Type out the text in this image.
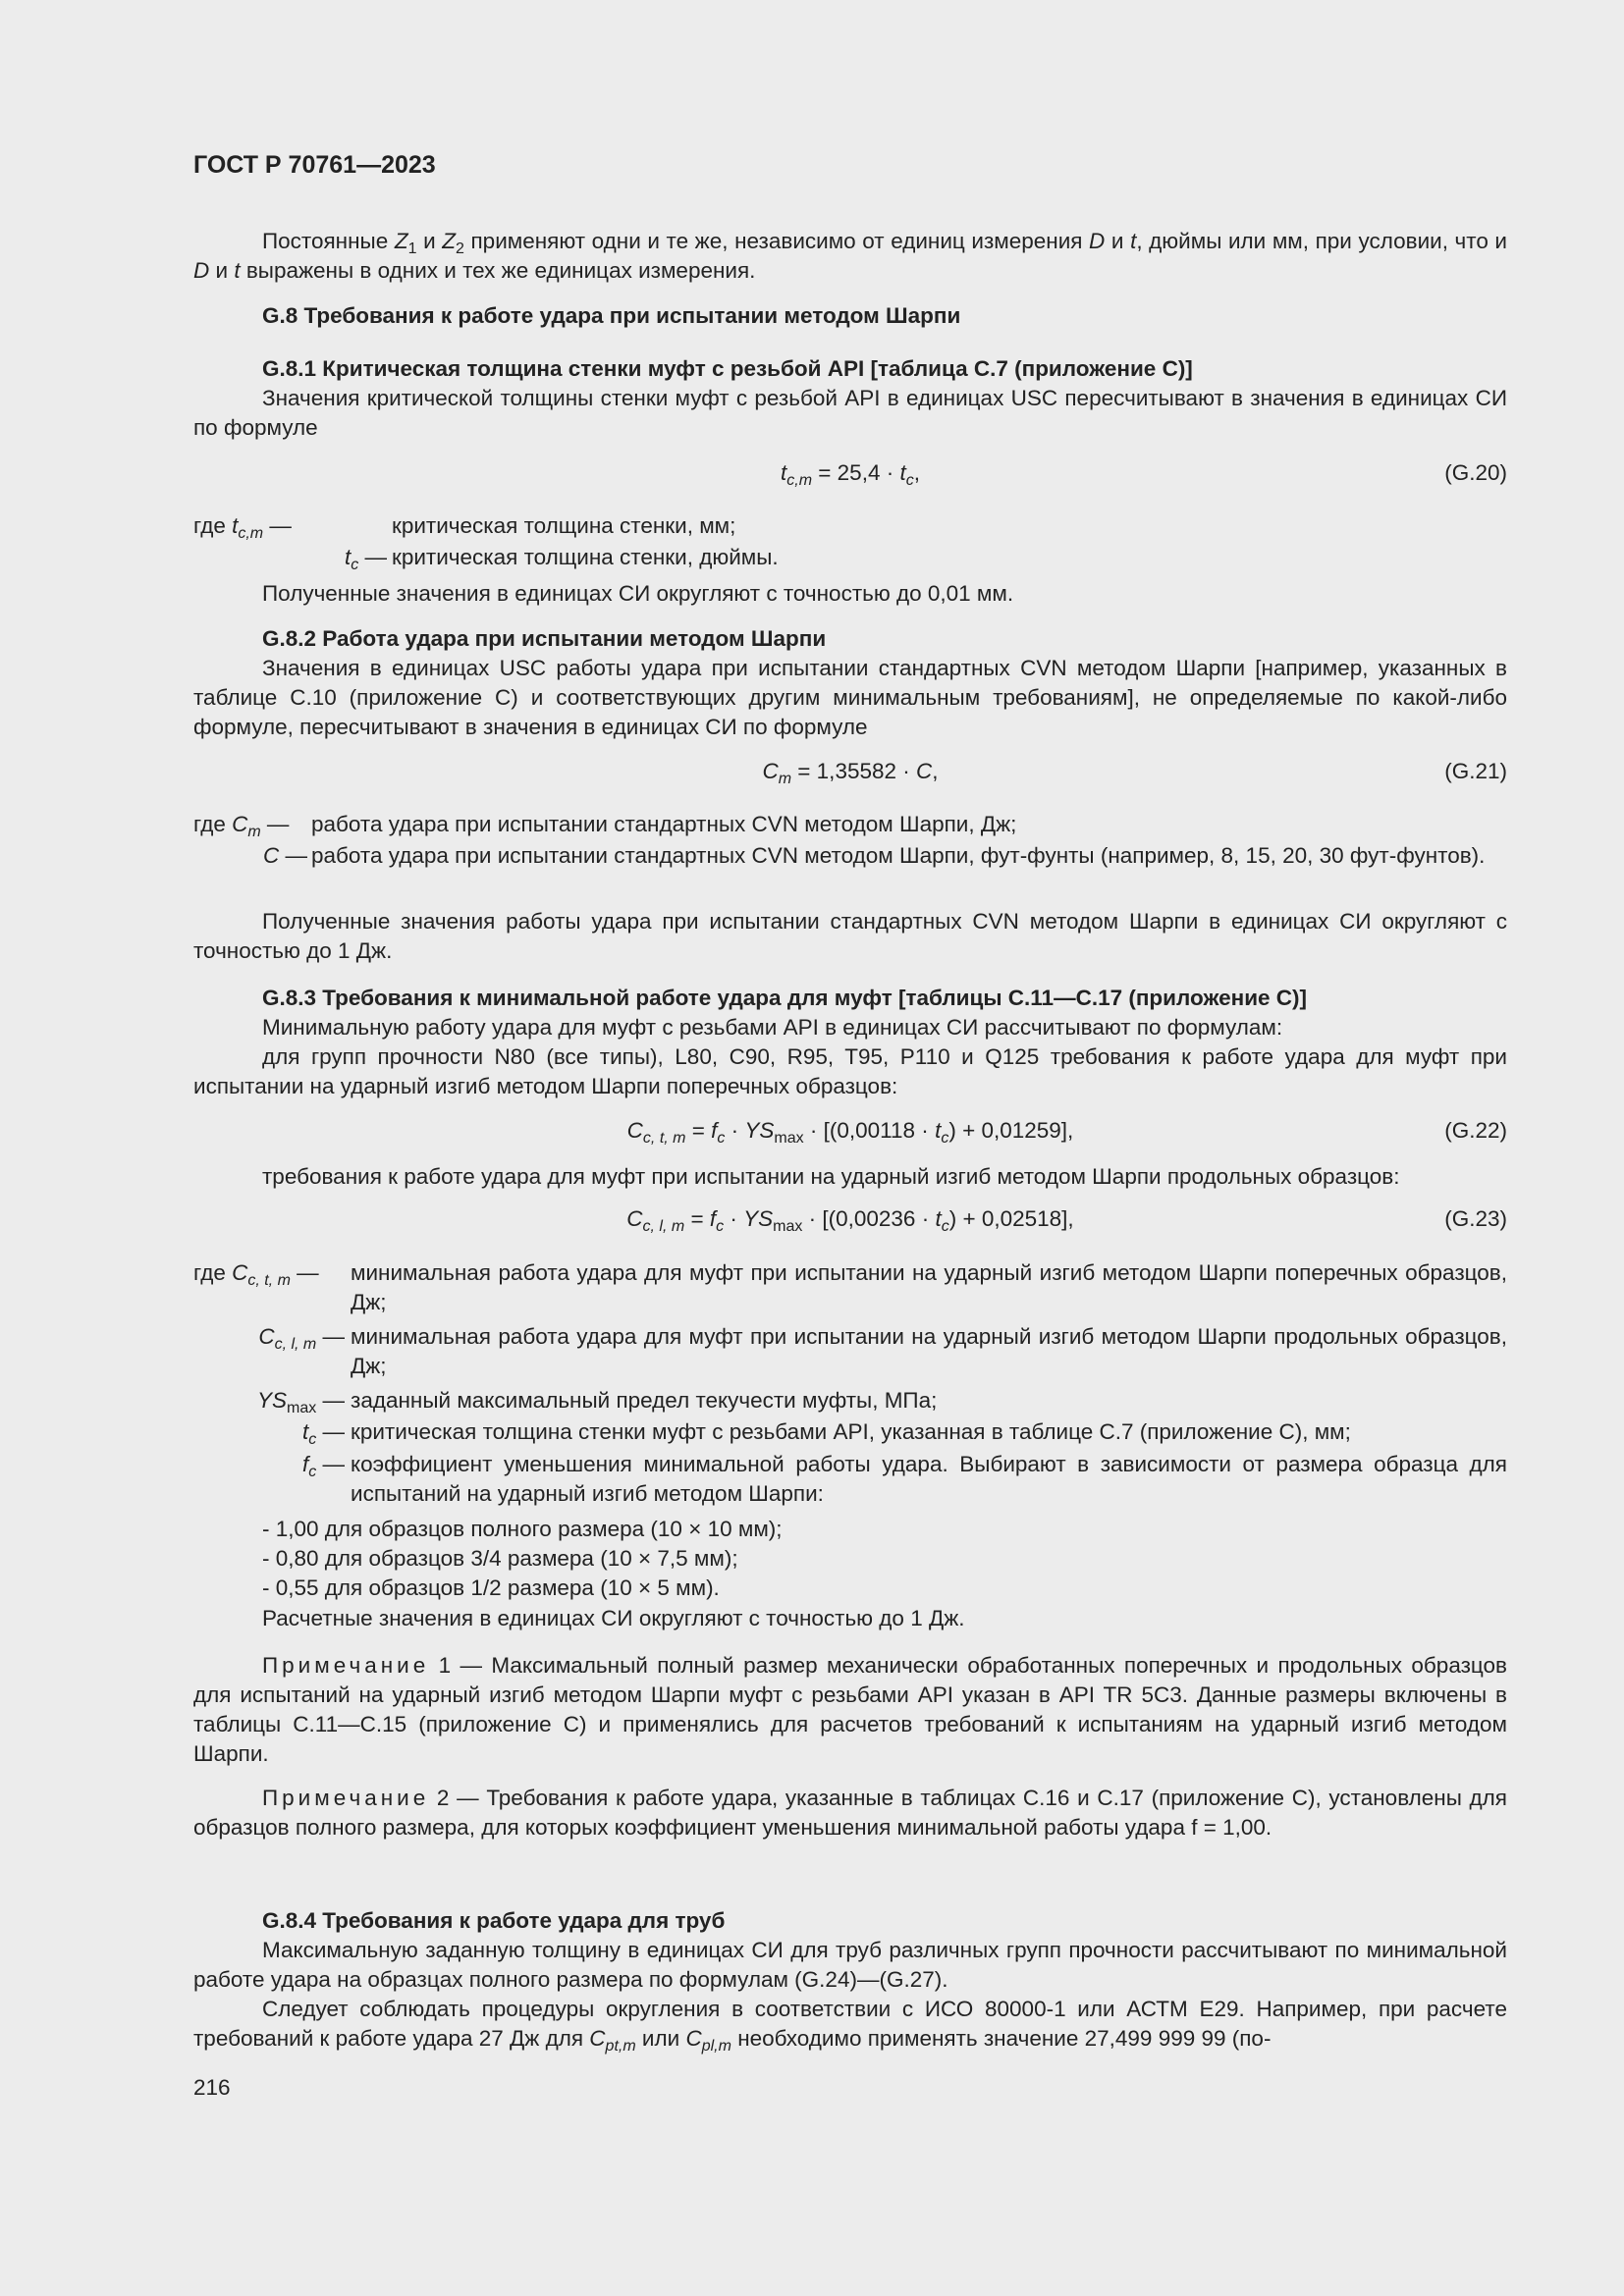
ГОСТ Р 70761—2023

Постоянные $Z_1$ и $Z_2$ применяют одни и те же, независимо от единиц измерения D и t, дюймы или мм, при условии, что и D и t выражены в одних и тех же единицах измерения.

G.8 Требования к работе удара при испытании методом Шарпи

G.8.1 Критическая толщина стенки муфт с резьбой API [таблица С.7 (приложение С)]

Значения критической толщины стенки муфт с резьбой API в единицах USC пересчитывают в значения в единицах СИ по формуле

$t_{c,m} = 25,4 \cdot t_c$,	(G.20)
где $t_{c,m}$ —	критическая толщина стенки, мм;
$t_c$ — критическая толщина стенки, дюймы.

Полученные значения в единицах СИ округляют с точностью до 0,01 мм.

G.8.2 Работа удара при испытании методом Шарпи

Значения в единицах USC работы удара при испытании стандартных CVN методом Шарпи [например, указанных в таблице С.10 (приложение С) и соответствующих другим минимальным требованиям], не определяемые по какой-либо формуле, пересчитывают в значения в единицах СИ по формуле

$C_m = 1,35582 \cdot C$,	(G.21)
где $C_m$ —	работа удара при испытании стандартных CVN методом Шарпи, Дж;
C — работа удара при испытании стандартных CVN методом Шарпи, фут-фунты (например, 8, 15, 20, 30 фут-фунтов).

Полученные значения работы удара при испытании стандартных CVN методом Шарпи в единицах СИ округляют с точностью до 1 Дж.

G.8.3 Требования к минимальной работе удара для муфт [таблицы С.11—С.17 (приложение С)]

Минимальную работу удара для муфт с резьбами API в единицах СИ рассчитывают по формулам:

для групп прочности N80 (все типы), L80, C90, R95, T95, P110 и Q125 требования к работе удара для муфт при испытании на ударный изгиб методом Шарпи поперечных образцов:

$C_{c, t, m} = f_c \cdot YS_{max} \cdot [(0,00118 \cdot t_c) + 0,01259]$,	(G.22)

требования к работе удара для муфт при испытании на ударный изгиб методом Шарпи продольных образцов:

$C_{c, l, m} = f_c \cdot YS_{max} \cdot [(0,00236 \cdot t_c) + 0,02518]$,	(G.23)
где $C_{c, t, m}$ —	минимальная работа удара для муфт при испытании на ударный изгиб методом Шарпи поперечных образцов, Дж;
$C_{c, l, m}$ — минимальная работа удара для муфт при испытании на ударный изгиб методом Шарпи продольных образцов, Дж;
$YS_{max}$ — заданный максимальный предел текучести муфты, МПа;
$t_c$ — критическая толщина стенки муфт с резьбами API, указанная в таблице С.7 (приложение С), мм;
$f_c$ — коэффициент уменьшения минимальной работы удара. Выбирают в зависимости от размера образца для испытаний на ударный изгиб методом Шарпи:
- 1,00 для образцов полного размера (10 × 10 мм);
- 0,80 для образцов 3/4 размера (10 × 7,5 мм);
- 0,55 для образцов 1/2 размера (10 × 5 мм).

Расчетные значения в единицах СИ округляют с точностью до 1 Дж.

Примечание 1 — Максимальный полный размер механически обработанных поперечных и продольных образцов для испытаний на ударный изгиб методом Шарпи муфт с резьбами API указан в API TR 5С3. Данные размеры включены в таблицы С.11—С.15 (приложение С) и применялись для расчетов требований к испытаниям на ударный изгиб методом Шарпи.

Примечание 2 — Требования к работе удара, указанные в таблицах С.16 и С.17 (приложение С), установлены для образцов полного размера, для которых коэффициент уменьшения минимальной работы удара f = 1,00.

G.8.4 Требования к работе удара для труб

Максимальную заданную толщину в единицах СИ для труб различных групп прочности рассчитывают по минимальной работе удара на образцах полного размера по формулам (G.24)—(G.27).

Следует соблюдать процедуры округления в соответствии с ИСО 80000-1 или АСТМ Е29. Например, при расчете требований к работе удара 27 Дж для $C_{pt,m}$ или $C_{pl,m}$ необходимо применять значение 27,499 999 99 (по-

216
